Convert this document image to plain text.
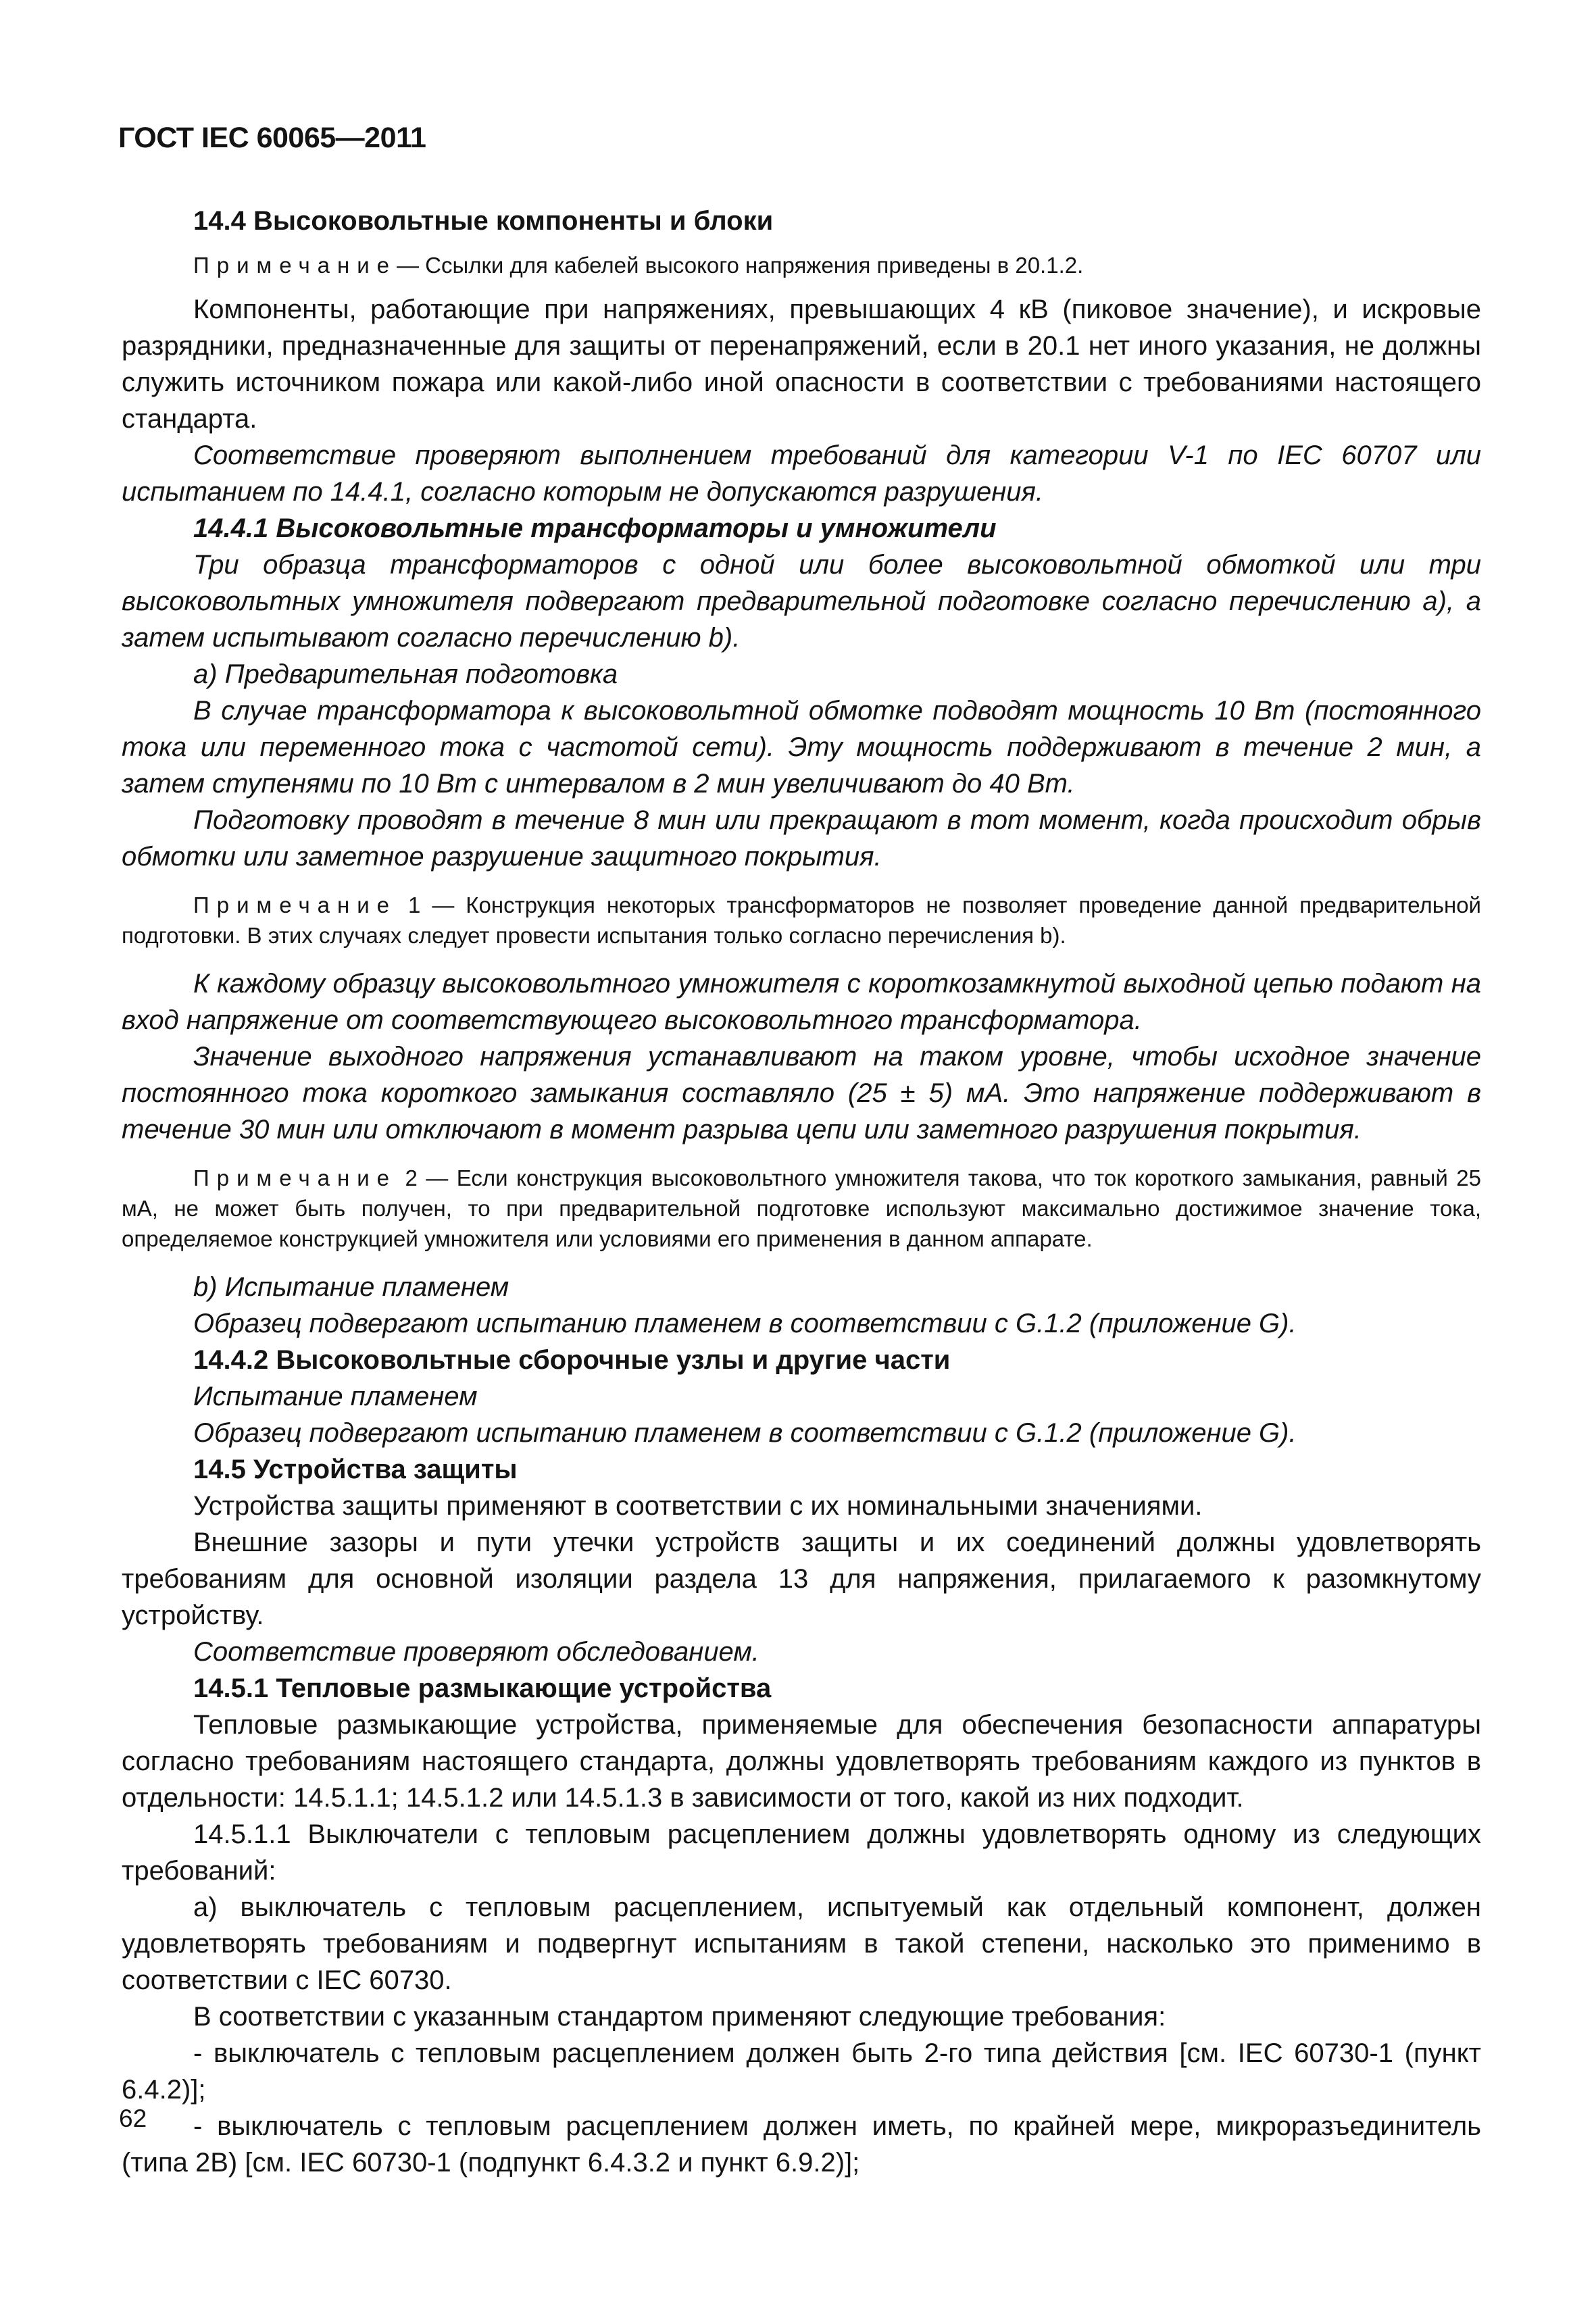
ГОСТ IEC 60065—2011

14.4 Высоковольтные компоненты и блоки

Примечание— Ссылки для кабелей высокого напряжения приведены в 20.1.2.

Компоненты, работающие при напряжениях, превышающих 4 кВ (пиковое значение), и искровые разрядники, предназначенные для защиты от перенапряжений, если в 20.1 нет иного указания, не должны служить источником пожара или какой-либо иной опасности в соответствии с требованиями настоящего стандарта.

Соответствие проверяют выполнением требований для категории V-1 по IEC 60707 или испытанием по 14.4.1, согласно которым не допускаются разрушения.

14.4.1 Высоковольтные трансформаторы и умножители

Три образца трансформаторов с одной или более высоковольтной обмоткой или три высоковольтных умножителя подвергают предварительной подготовке согласно перечислению а), а затем испытывают согласно перечислению b).

а) Предварительная подготовка

В случае трансформатора к высоковольтной обмотке подводят мощность 10 Вт (постоянного тока или переменного тока с частотой сети). Эту мощность поддерживают в течение 2 мин, а затем ступенями по 10 Вт с интервалом в 2 мин увеличивают до 40 Вт.

Подготовку проводят в течение 8 мин или прекращают в тот момент, когда происходит обрыв обмотки или заметное разрушение защитного покрытия.

Примечание 1 — Конструкция некоторых трансформаторов не позволяет проведение данной предварительной подготовки. В этих случаях следует провести испытания только согласно перечисления b).

К каждому образцу высоковольтного умножителя с короткозамкнутой выходной цепью подают на вход напряжение от соответствующего высоковольтного трансформатора.

Значение выходного напряжения устанавливают на таком уровне, чтобы исходное значение постоянного тока короткого замыкания составляло (25 ± 5) мА. Это напряжение поддерживают в течение 30 мин или отключают в момент разрыва цепи или заметного разрушения покрытия.

Примечание 2 — Если конструкция высоковольтного умножителя такова, что ток короткого замыкания, равный 25 мА, не может быть получен, то при предварительной подготовке используют максимально достижимое значение тока, определяемое конструкцией умножителя или условиями его применения в данном аппарате.

b) Испытание пламенем

Образец подвергают испытанию пламенем в соответствии с G.1.2 (приложение G).

14.4.2 Высоковольтные сборочные узлы и другие части

Испытание пламенем

Образец подвергают испытанию пламенем в соответствии с G.1.2 (приложение G).

14.5 Устройства защиты

Устройства защиты применяют в соответствии с их номинальными значениями.

Внешние зазоры и пути утечки устройств защиты и их соединений должны удовлетворять требованиям для основной изоляции раздела 13 для напряжения, прилагаемого к разомкнутому устройству.

Соответствие проверяют обследованием.

14.5.1 Тепловые размыкающие устройства

Тепловые размыкающие устройства, применяемые для обеспечения безопасности аппаратуры согласно требованиям настоящего стандарта, должны удовлетворять требованиям каждого из пунктов в отдельности: 14.5.1.1; 14.5.1.2 или 14.5.1.3 в зависимости от того, какой из них подходит.

14.5.1.1 Выключатели с тепловым расцеплением должны удовлетворять одному из следующих требований:

а) выключатель с тепловым расцеплением, испытуемый как отдельный компонент, должен удовлетворять требованиям и подвергнут испытаниям в такой степени, насколько это применимо в соответствии с IEC 60730.

В соответствии с указанным стандартом применяют следующие требования:

- выключатель с тепловым расцеплением должен быть 2-го типа действия [см. IEC 60730-1 (пункт 6.4.2)];

- выключатель с тепловым расцеплением должен иметь, по крайней мере, микроразъединитель (типа 2B) [см. IEC 60730-1 (подпункт 6.4.3.2 и пункт 6.9.2)];

62
